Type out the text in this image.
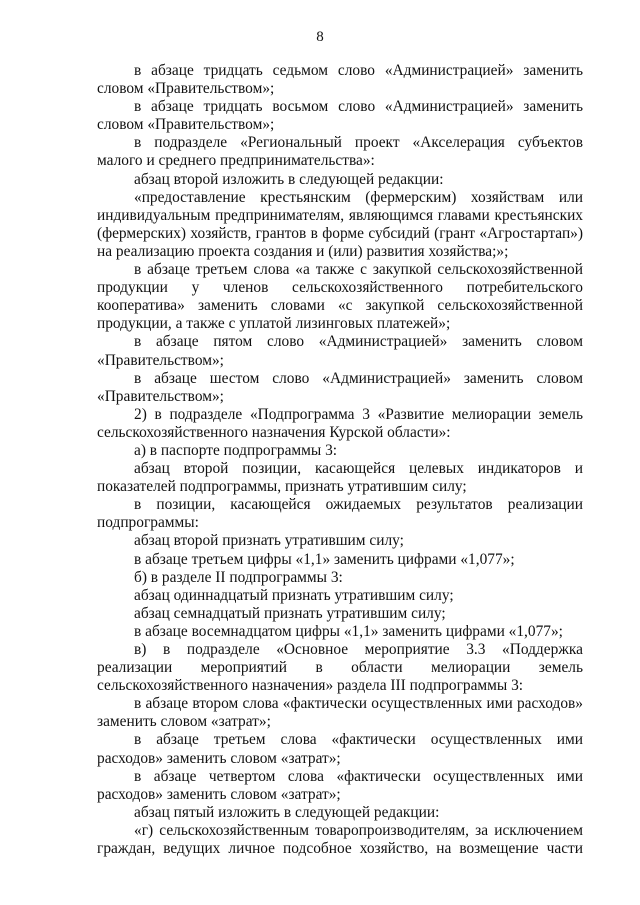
8

в абзаце тридцать седьмом слово «Администрацией» заменить словом «Правительством»;

в абзаце тридцать восьмом слово «Администрацией» заменить словом «Правительством»;

в подразделе «Региональный проект «Акселерация субъектов малого и среднего предпринимательства»:

абзац второй изложить в следующей редакции:

«предоставление крестьянским (фермерским) хозяйствам или индивидуальным предпринимателям, являющимся главами крестьянских (фермерских) хозяйств, грантов в форме субсидий (грант «Агростартап») на реализацию проекта создания и (или) развития хозяйства;»;

в абзаце третьем слова «а также с закупкой сельскохозяйственной продукции у членов сельскохозяйственного потребительского кооператива» заменить словами «с закупкой сельскохозяйственной продукции, а также с уплатой лизинговых платежей»;

в абзаце пятом слово «Администрацией» заменить словом «Правительством»;

в абзаце шестом слово «Администрацией» заменить словом «Правительством»;

2) в подразделе «Подпрограмма 3 «Развитие мелиорации земель сельскохозяйственного назначения Курской области»:

а) в паспорте подпрограммы 3:

абзац второй позиции, касающейся целевых индикаторов и показателей подпрограммы, признать утратившим силу;

в позиции, касающейся ожидаемых результатов реализации подпрограммы:

абзац второй признать утратившим силу;

в абзаце третьем цифры «1,1» заменить цифрами «1,077»;

б) в разделе II подпрограммы 3:

абзац одиннадцатый признать утратившим силу;

абзац семнадцатый признать утратившим силу;

в абзаце восемнадцатом цифры «1,1» заменить цифрами «1,077»;

в) в подразделе «Основное мероприятие 3.3 «Поддержка реализации мероприятий в области мелиорации земель сельскохозяйственного назначения» раздела III подпрограммы 3:

в абзаце втором слова «фактически осуществленных ими расходов» заменить словом «затрат»;

в абзаце третьем слова «фактически осуществленных ими расходов» заменить словом «затрат»;

в абзаце четвертом слова «фактически осуществленных ими расходов» заменить словом «затрат»;

абзац пятый изложить в следующей редакции:

«г) сельскохозяйственным товаропроизводителям, за исключением граждан, ведущих личное подсобное хозяйство, на возмещение части
